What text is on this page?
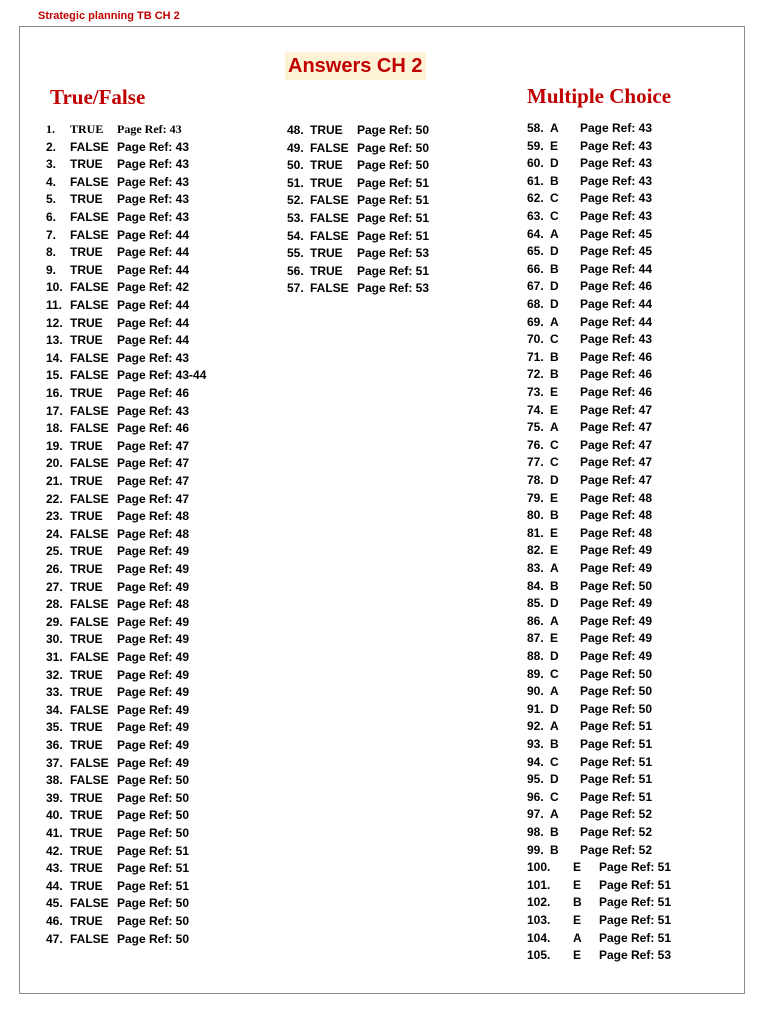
Strategic planning TB CH 2
Answers CH 2
True/False	Multiple Choice
1. TRUE Page Ref: 43
2. FALSE Page Ref: 43
3. TRUE Page Ref: 43
4. FALSE Page Ref: 43
5. TRUE Page Ref: 43
6. FALSE Page Ref: 43
7. FALSE Page Ref: 44
8. TRUE Page Ref: 44
9. TRUE Page Ref: 44
10. FALSE Page Ref: 42
11. FALSE Page Ref: 44
12. TRUE Page Ref: 44
13. TRUE Page Ref: 44
14. FALSE Page Ref: 43
15. FALSE Page Ref: 43-44
16. TRUE Page Ref: 46
17. FALSE Page Ref: 43
18. FALSE Page Ref: 46
19. TRUE Page Ref: 47
20. FALSE Page Ref: 47
21. TRUE Page Ref: 47
22. FALSE Page Ref: 47
23. TRUE Page Ref: 48
24. FALSE Page Ref: 48
25. TRUE Page Ref: 49
26. TRUE Page Ref: 49
27. TRUE Page Ref: 49
28. FALSE Page Ref: 48
29. FALSE Page Ref: 49
30. TRUE Page Ref: 49
31. FALSE Page Ref: 49
32. TRUE Page Ref: 49
33. TRUE Page Ref: 49
34. FALSE Page Ref: 49
35. TRUE Page Ref: 49
36. TRUE Page Ref: 49
37. FALSE Page Ref: 49
38. FALSE Page Ref: 50
39. TRUE Page Ref: 50
40. TRUE Page Ref: 50
41. TRUE Page Ref: 50
42. TRUE Page Ref: 51
43. TRUE Page Ref: 51
44. TRUE Page Ref: 51
45. FALSE Page Ref: 50
46. TRUE Page Ref: 50
47. FALSE Page Ref: 50
48. TRUE Page Ref: 50
49. FALSE Page Ref: 50
50. TRUE Page Ref: 50
51. TRUE Page Ref: 51
52. FALSE Page Ref: 51
53. FALSE Page Ref: 51
54. FALSE Page Ref: 51
55. TRUE Page Ref: 53
56. TRUE Page Ref: 51
57. FALSE Page Ref: 53
58. A Page Ref: 43
59. E Page Ref: 43
60. D Page Ref: 43
61. B Page Ref: 43
62. C Page Ref: 43
63. C Page Ref: 43
64. A Page Ref: 45
65. D Page Ref: 45
66. B Page Ref: 44
67. D Page Ref: 46
68. D Page Ref: 44
69. A Page Ref: 44
70. C Page Ref: 43
71. B Page Ref: 46
72. B Page Ref: 46
73. E Page Ref: 46
74. E Page Ref: 47
75. A Page Ref: 47
76. C Page Ref: 47
77. C Page Ref: 47
78. D Page Ref: 47
79. E Page Ref: 48
80. B Page Ref: 48
81. E Page Ref: 48
82. E Page Ref: 49
83. A Page Ref: 49
84. B Page Ref: 50
85. D Page Ref: 49
86. A Page Ref: 49
87. E Page Ref: 49
88. D Page Ref: 49
89. C Page Ref: 50
90. A Page Ref: 50
91. D Page Ref: 50
92. A Page Ref: 51
93. B Page Ref: 51
94. C Page Ref: 51
95. D Page Ref: 51
96. C Page Ref: 51
97. A Page Ref: 52
98. B Page Ref: 52
99. B Page Ref: 52
100. E Page Ref: 51
101. E Page Ref: 51
102. B Page Ref: 51
103. E Page Ref: 51
104. A Page Ref: 51
105. E Page Ref: 53
